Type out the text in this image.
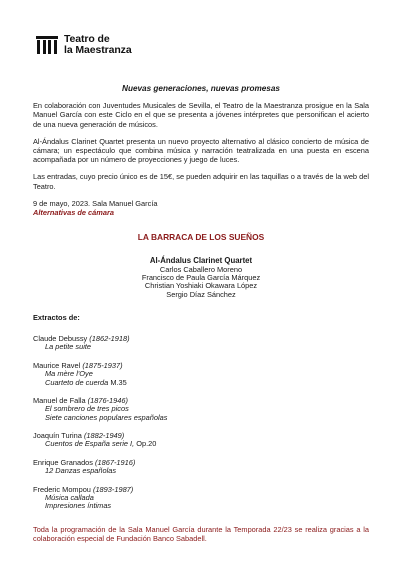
Teatro de
la Maestranza
Nuevas generaciones, nuevas promesas

En colaboración con Juventudes Musicales de Sevilla, el Teatro de la Maestranza prosigue en la Sala Manuel García con este Ciclo en el que se presenta a jóvenes intérpretes que personifican el acierto de una nueva generación de músicos.

Al-Ándalus Clarinet Quartet presenta un nuevo proyecto alternativo al clásico concierto de música de cámara; un espectáculo que combina música y narración teatralizada en una puesta en escena acompañada por un número de proyecciones y juego de luces.

Las entradas, cuyo precio único es de 15€, se pueden adquirir en las taquillas o a través de la web del Teatro.

9 de mayo, 2023. Sala Manuel García
Alternativas de cámara
LA BARRACA DE LOS SUEÑOS
Al-Ándalus Clarinet Quartet
Carlos Caballero Moreno
Francisco de Paula García Márquez
Christian Yoshiaki Okawara López
Sergio Díaz Sánchez
Extractos de:
Claude Debussy (1862-1918)
La petite suite
Maurice Ravel (1875-1937)
Ma mère l'Oye
Cuarteto de cuerda M.35
Manuel de Falla (1876-1946)
El sombrero de tres picos
Siete canciones populares españolas
Joaquín Turina (1882-1949)
Cuentos de España serie I, Op.20
Enrique Granados (1867-1916)
12 Danzas españolas
Frederic Mompou (1893-1987)
Música callada
Impresiones íntimas

Toda la programación de la Sala Manuel García durante la Temporada 22/23 se realiza gracias a la colaboración especial de Fundación Banco Sabadell.
